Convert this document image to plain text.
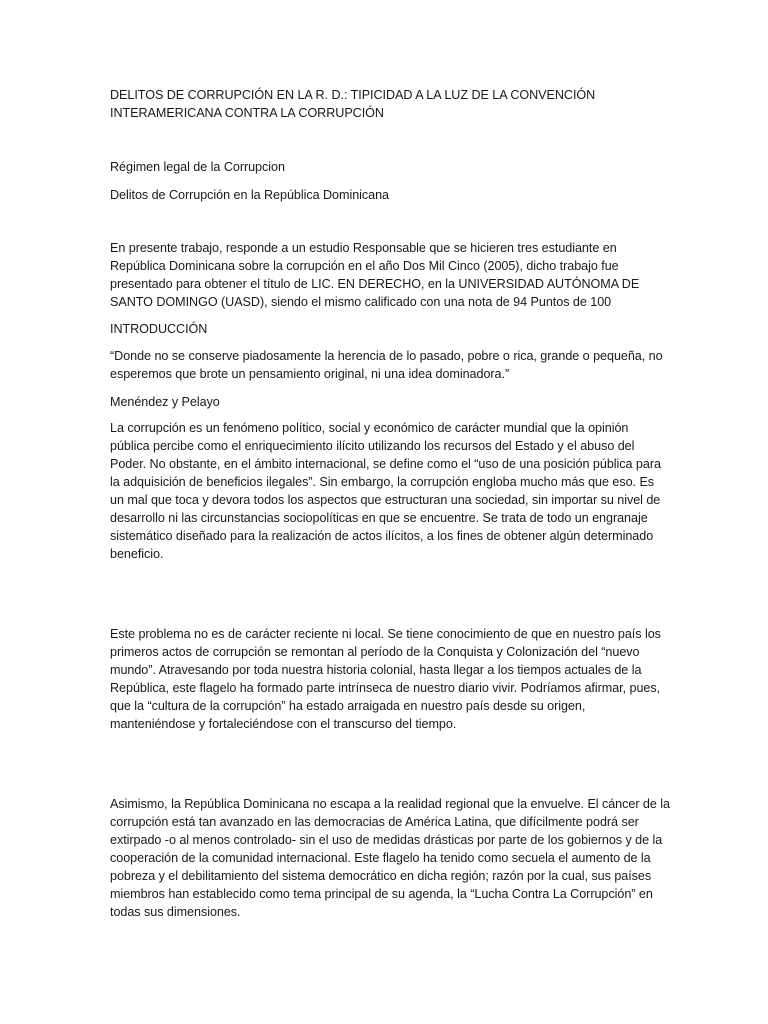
DELITOS DE CORRUPCIÓN EN LA R. D.: TIPICIDAD A LA LUZ DE LA CONVENCIÓN INTERAMERICANA CONTRA LA CORRUPCIÓN

Régimen legal de la Corrupcion

Delitos de Corrupción en la República Dominicana

En presente trabajo, responde a un estudio Responsable que se hicieren tres estudiante en República Dominicana sobre la corrupción en el año Dos Mil Cinco (2005), dicho trabajo fue presentado para obtener el título de LIC. EN DERECHO, en la UNIVERSIDAD AUTÓNOMA DE SANTO DOMINGO (UASD), siendo el mismo calificado con una nota de 94 Puntos de 100

INTRODUCCIÓN

“Donde no se conserve piadosamente la herencia de lo pasado, pobre o rica, grande o pequeña, no esperemos que brote un pensamiento original, ni una idea dominadora.”

Menéndez y Pelayo

La corrupción es un fenómeno político, social y económico de carácter mundial que la opinión pública percibe como el enriquecimiento ilícito utilizando los recursos del Estado y el abuso del Poder. No obstante, en el ámbito internacional, se define como el “uso de una posición pública para la adquisición de beneficios ilegales”. Sin embargo, la corrupción engloba mucho más que eso. Es un mal que toca y devora todos los aspectos que estructuran una sociedad, sin importar su nivel de desarrollo ni las circunstancias sociopolíticas en que se encuentre. Se trata de todo un engranaje sistemático diseñado para la realización de actos ilícitos, a los fines de obtener algún determinado beneficio.

Este problema no es de carácter reciente ni local. Se tiene conocimiento de que en nuestro país los primeros actos de corrupción se remontan al período de la Conquista y Colonización del “nuevo mundo”. Atravesando por toda nuestra historia colonial, hasta llegar a los tiempos actuales de la República, este flagelo ha formado parte intrínseca de nuestro diario vivir. Podríamos afirmar, pues, que la “cultura de la corrupción” ha estado arraigada en nuestro país desde su origen, manteniéndose y fortaleciéndose con el transcurso del tiempo.

Asimismo, la República Dominicana no escapa a la realidad regional que la envuelve. El cáncer de la corrupción está tan avanzado en las democracias de América Latina, que difícilmente podrá ser extirpado -o al menos controlado- sin el uso de medidas drásticas por parte de los gobiernos y de la cooperación de la comunidad internacional. Este flagelo ha tenido como secuela el aumento de la pobreza y el debilitamiento del sistema democrático en dicha región; razón por la cual, sus países miembros han establecido como tema principal de su agenda, la “Lucha Contra La Corrupción” en todas sus dimensiones.
